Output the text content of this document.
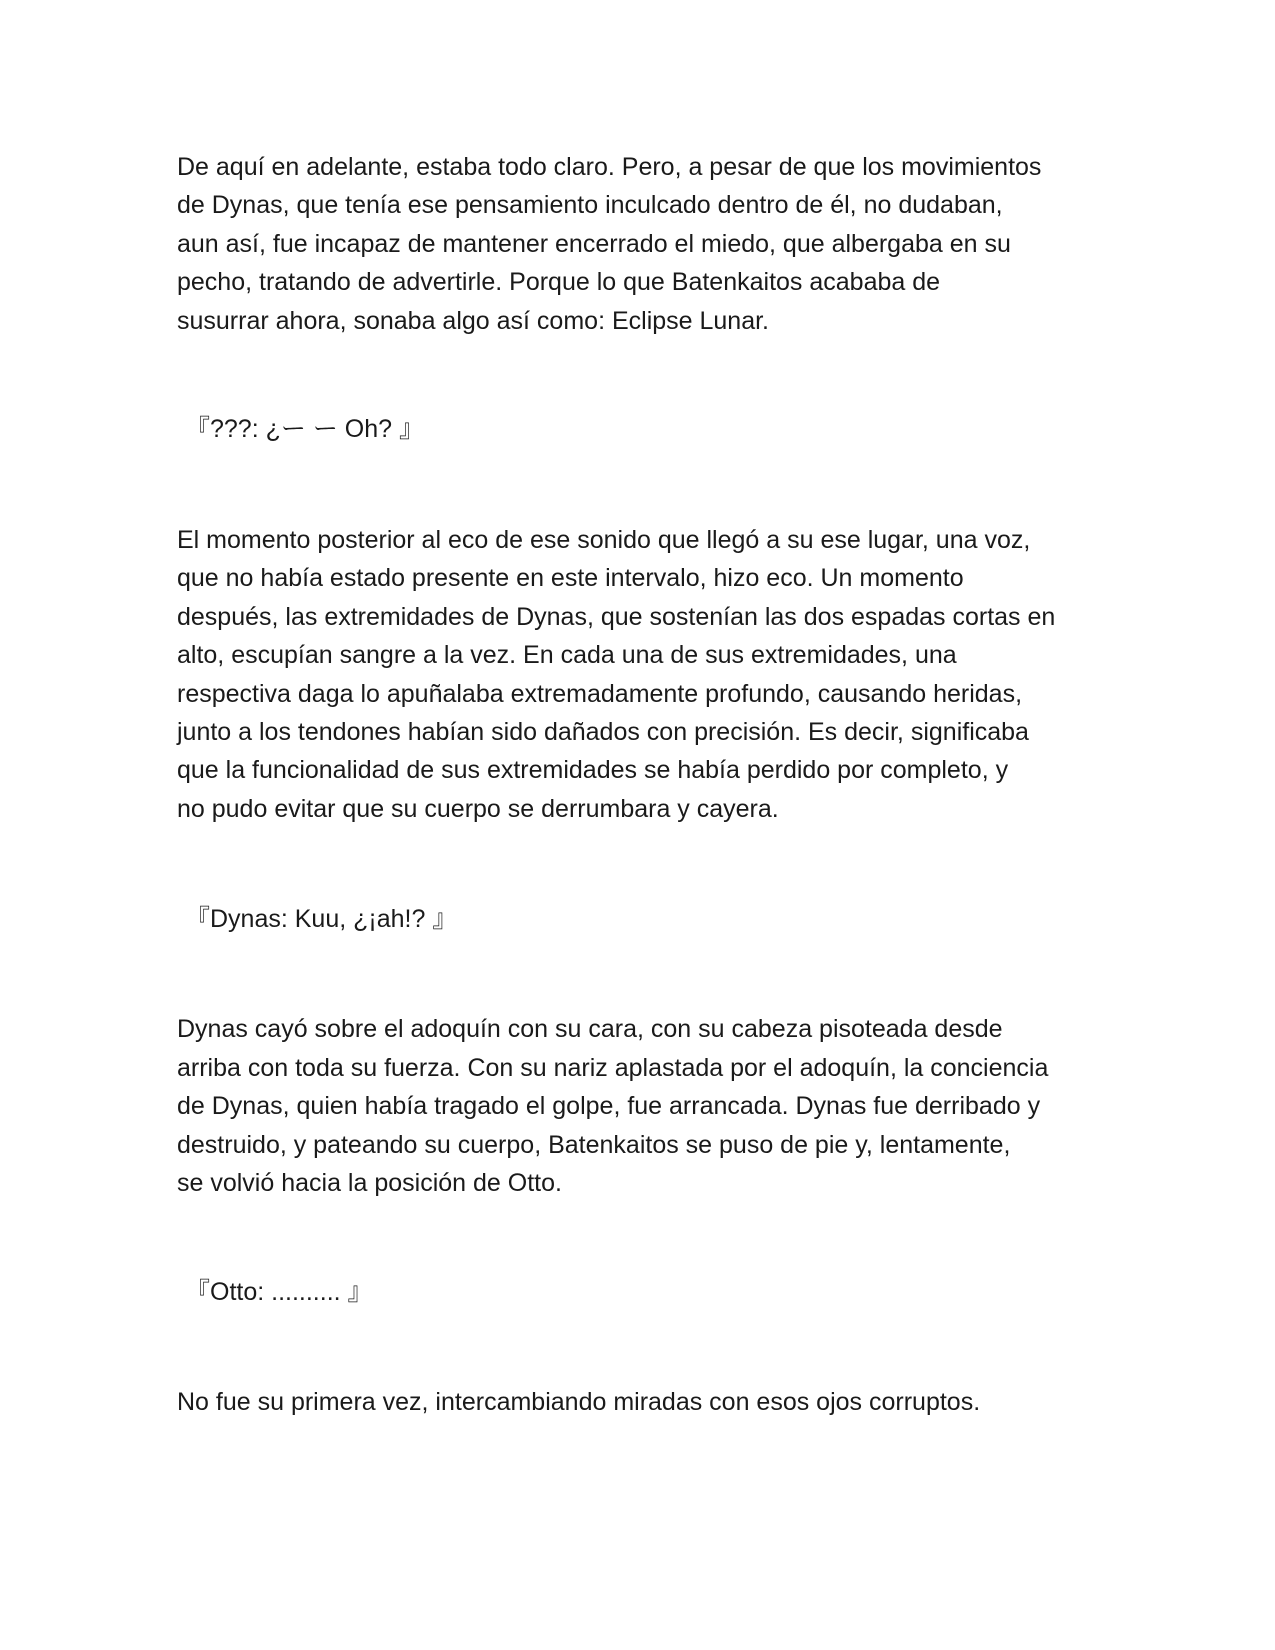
De aquí en adelante, estaba todo claro. Pero, a pesar de que los movimientos
de Dynas, que tenía ese pensamiento inculcado dentro de él, no dudaban,
aun así, fue incapaz de mantener encerrado el miedo, que albergaba en su
pecho, tratando de advertirle. Porque lo que Batenkaitos acababa de
susurrar ahora, sonaba algo así como: Eclipse Lunar.

『???: ¿ー ー Oh? 』

El momento posterior al eco de ese sonido que llegó a su ese lugar, una voz,
que no había estado presente en este intervalo, hizo eco. Un momento
después, las extremidades de Dynas, que sostenían las dos espadas cortas en
alto, escupían sangre a la vez. En cada una de sus extremidades, una
respectiva daga lo apuñalaba extremadamente profundo, causando heridas,
junto a los tendones habían sido dañados con precisión. Es decir, significaba
que la funcionalidad de sus extremidades se había perdido por completo, y
no pudo evitar que su cuerpo se derrumbara y cayera.

『Dynas: Kuu, ¿¡ah!? 』

Dynas cayó sobre el adoquín con su cara, con su cabeza pisoteada desde
arriba con toda su fuerza. Con su nariz aplastada por el adoquín, la conciencia
de Dynas, quien había tragado el golpe, fue arrancada. Dynas fue derribado y
destruido, y pateando su cuerpo, Batenkaitos se puso de pie y, lentamente,
se volvió hacia la posición de Otto.

『Otto: .......... 』

No fue su primera vez, intercambiando miradas con esos ojos corruptos.
